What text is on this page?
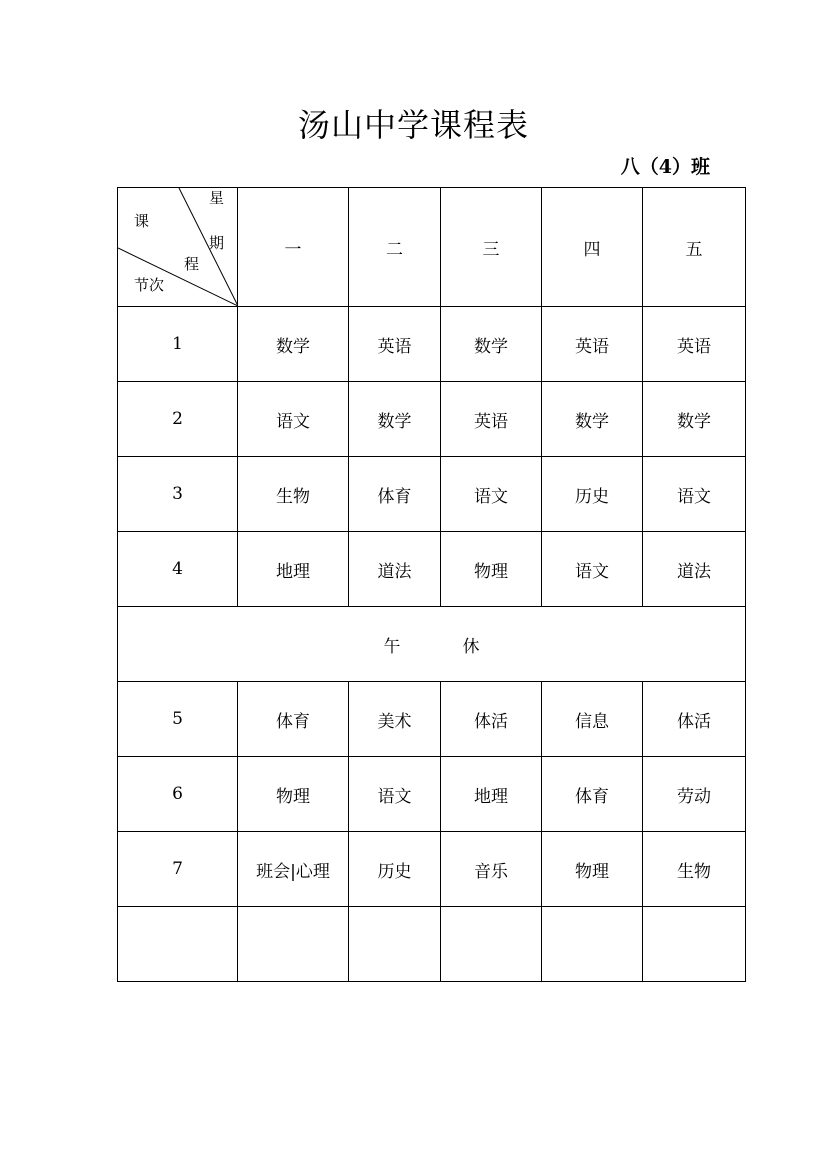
汤山中学课程表
八（4）班
星
期
课
程
节次	一	二	三	四	五
1	数学	英语	数学	英语	英语
2	语文	数学	英语	数学	数学
3	生物	体育	语文	历史	语文
4	地理	道法	物理	语文	道法
午 休					
5	体育	美术	体活	信息	体活
6	物理	语文	地理	体育	劳动
7	班会|心理	历史	音乐	物理	生物
